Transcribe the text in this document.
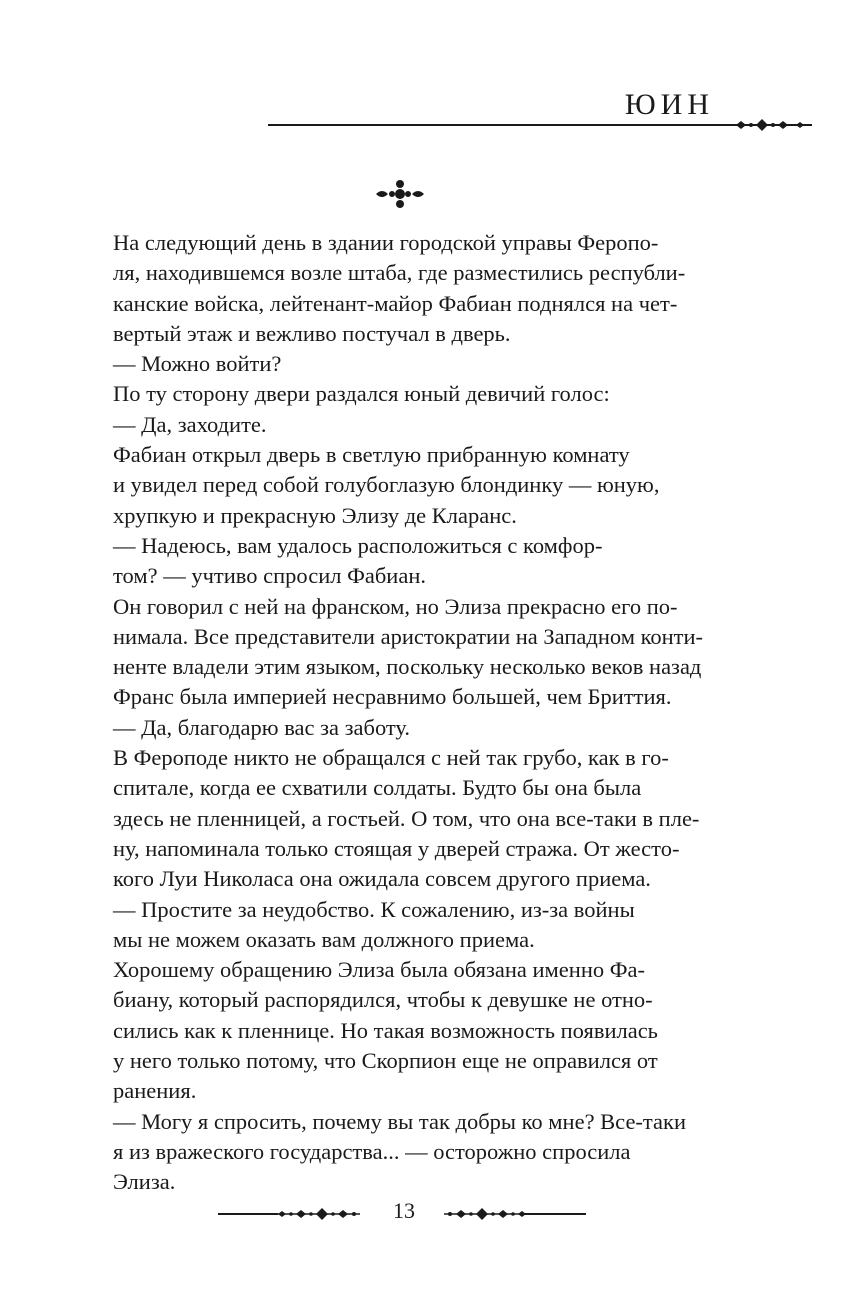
ЮИН

На следующий день в здании городской управы Феропо-

ля, находившемся возле штаба, где разместились республи-

канские войска, лейтенант-майор Фабиан поднялся на чет-

вертый этаж и вежливо постучал в дверь.

— Можно войти?

По ту сторону двери раздался юный девичий голос:

— Да, заходите.

Фабиан открыл дверь в светлую прибранную комнату

и увидел перед собой голубоглазую блондинку — юную,

хрупкую и прекрасную Элизу де Кларанс.

— Надеюсь, вам удалось расположиться с комфор-

том? — учтиво спросил Фабиан.

Он говорил с ней на франском, но Элиза прекрасно его по-

нимала. Все представители аристократии на Западном конти-

ненте владели этим языком, поскольку несколько веков назад

Франс была империей несравнимо большей, чем Бриттия.

— Да, благодарю вас за заботу.

В Фероподе никто не обращался с ней так грубо, как в го-

спитале, когда ее схватили солдаты. Будто бы она была

здесь не пленницей, а гостьей. О том, что она все-таки в пле-

ну, напоминала только стоящая у дверей стража. От жесто-

кого Луи Николаса она ожидала совсем другого приема.

— Простите за неудобство. К сожалению, из-за войны

мы не можем оказать вам должного приема.

Хорошему обращению Элиза была обязана именно Фа-

биану, который распорядился, чтобы к девушке не отно-

сились как к пленнице. Но такая возможность появилась

у него только потому, что Скорпион еще не оправился от

ранения.

— Могу я спросить, почему вы так добры ко мне? Все-таки

я из вражеского государства... — осторожно спросила

Элиза.

13
